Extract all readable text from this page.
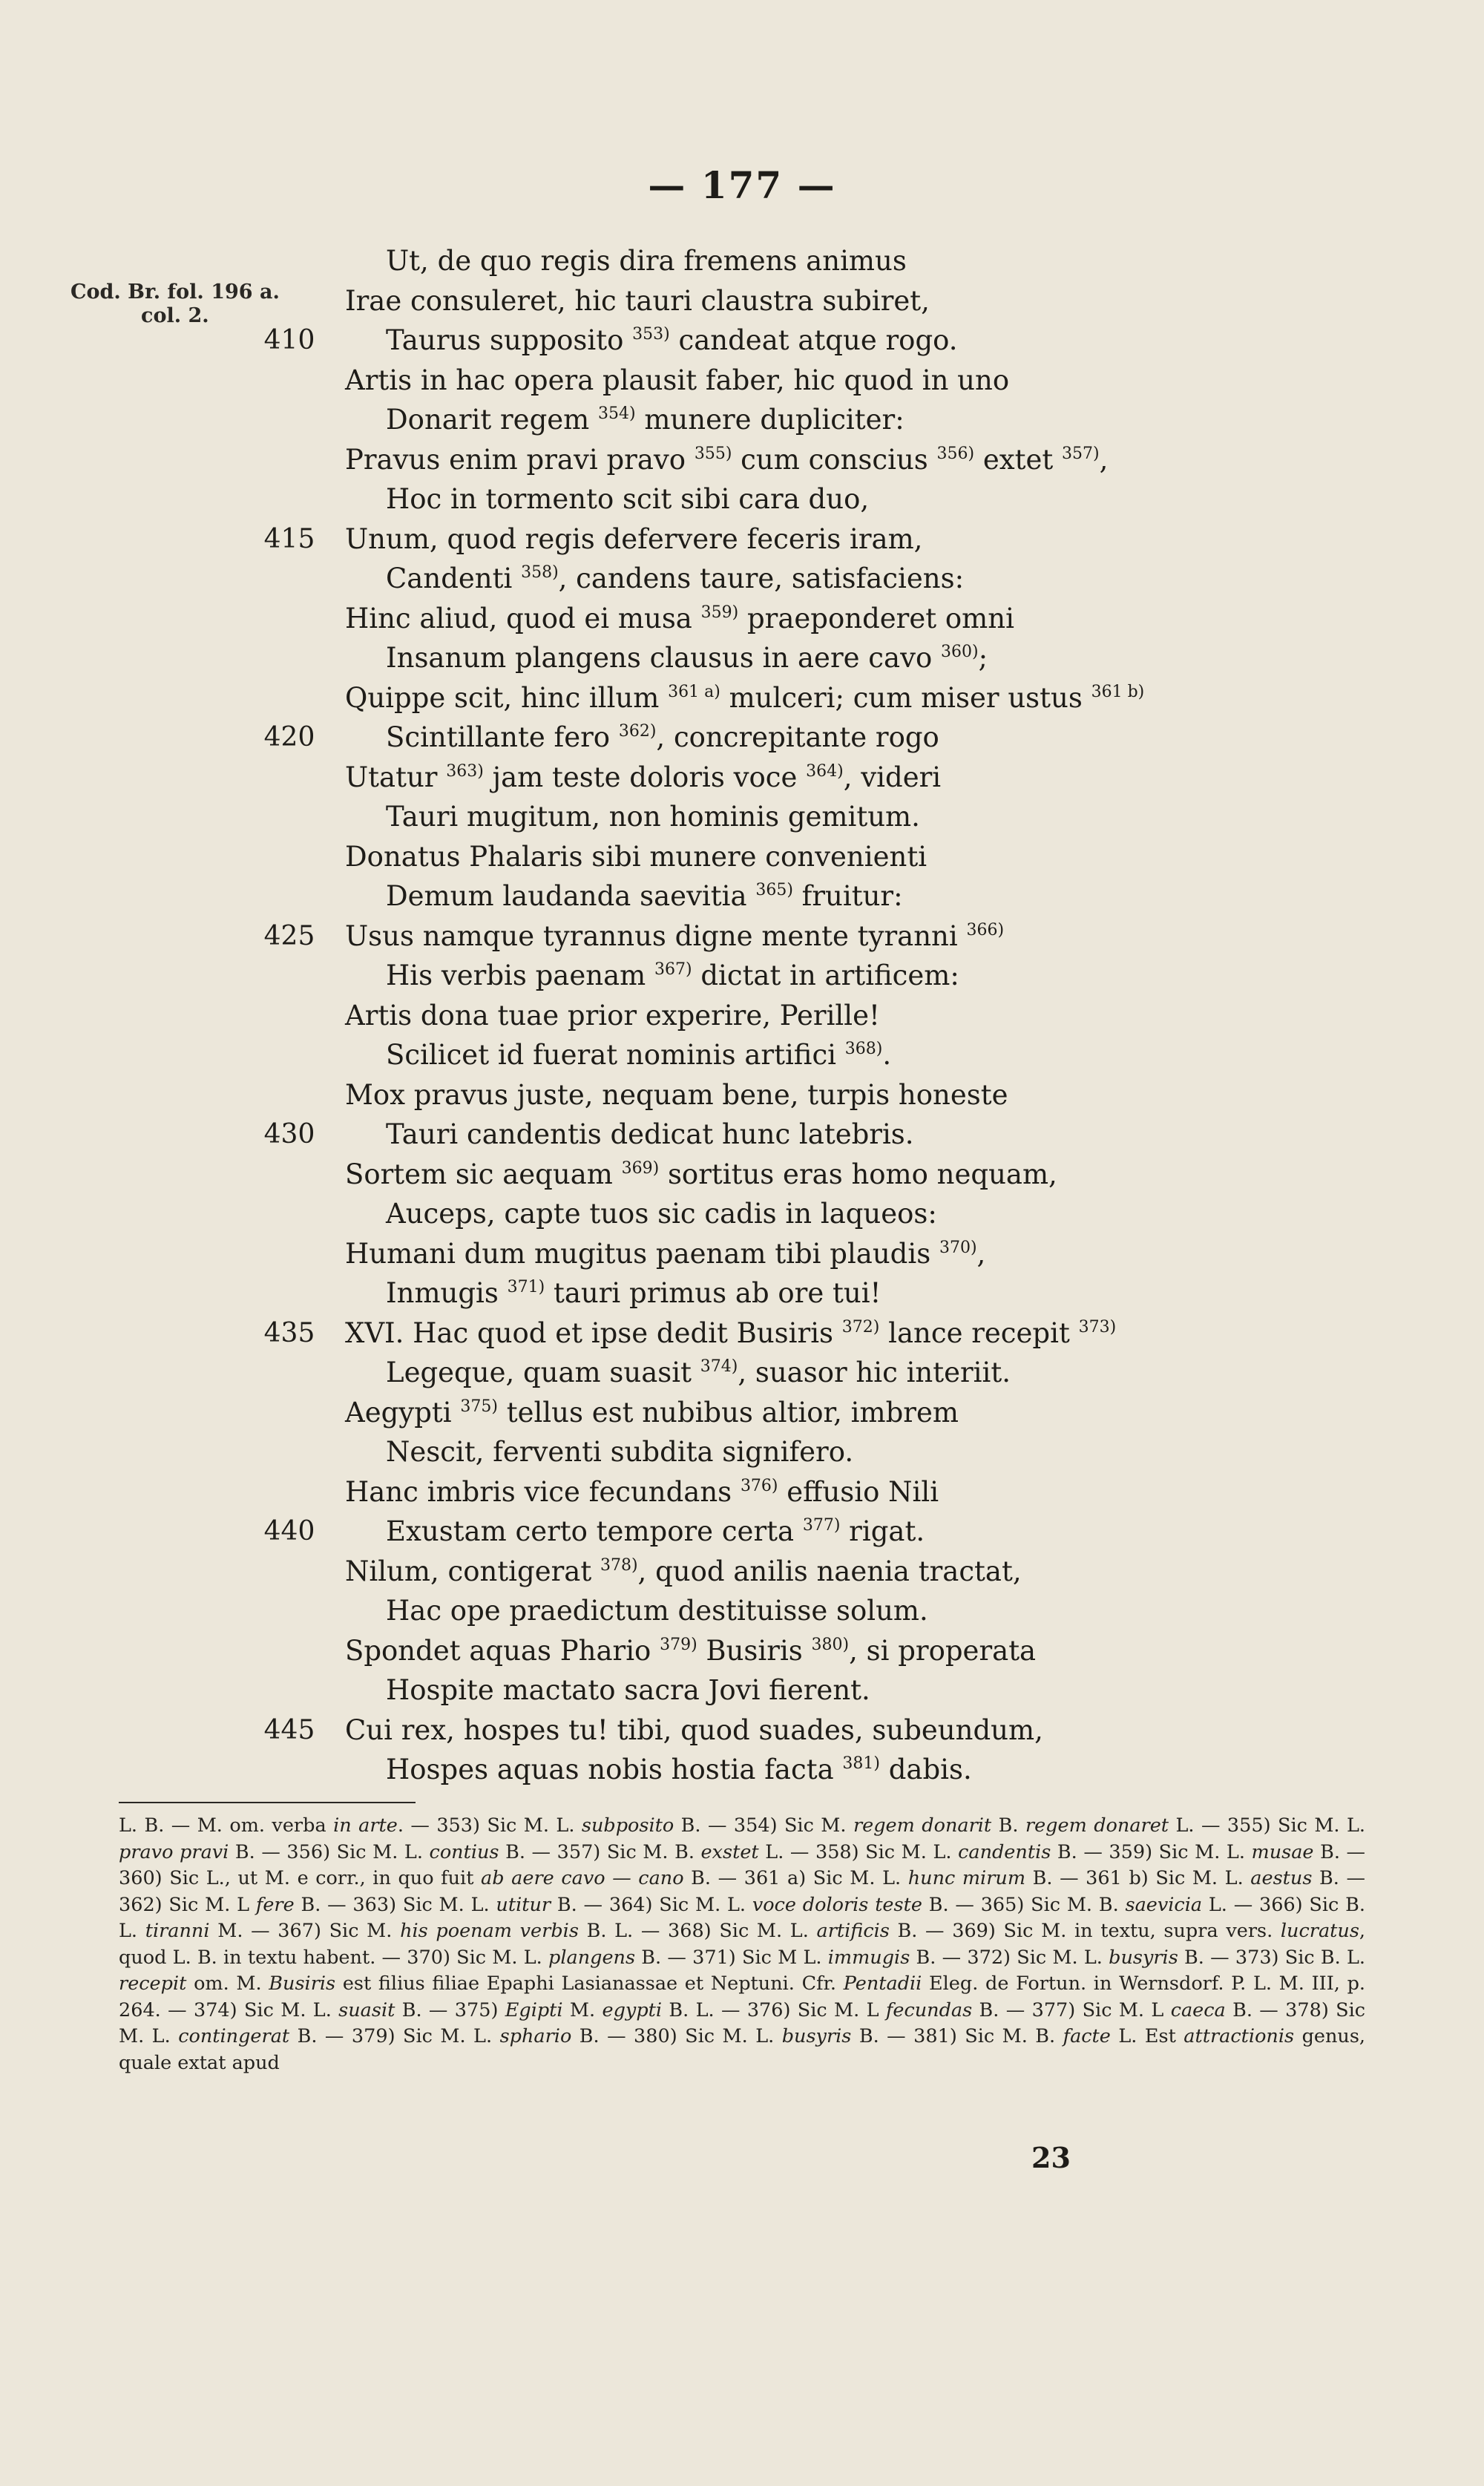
— 177 —
Cod. Br. fol. 196 a.
col. 2.
Ut, de quo regis dira fremens animus
Irae consuleret, hic tauri claustra subiret,
410	Taurus supposito $^{353)}$ candeat atque rogo.
Artis in hac opera plausit faber, hic quod in uno
Donarit regem $^{354)}$ munere dupliciter:
Pravus enim pravi pravo $^{355)}$ cum conscius $^{356)}$ extet $^{357)}$,
Hoc in tormento scit sibi cara duo,
415	Unum, quod regis defervere feceris iram,
Candenti $^{358)}$, candens taure, satisfaciens:
Hinc aliud, quod ei musa $^{359)}$ praeponderet omni
Insanum plangens clausus in aere cavo $^{360)}$;
Quippe scit, hinc illum $^{361 a)}$ mulceri; cum miser ustus $^{361 b)}$
420	Scintillante fero $^{362)}$, concrepitante rogo
Utatur $^{363)}$ jam teste doloris voce $^{364)}$, videri
Tauri mugitum, non hominis gemitum.
Donatus Phalaris sibi munere convenienti
Demum laudanda saevitia $^{365)}$ fruitur:
425	Usus namque tyrannus digne mente tyranni $^{366)}$
His verbis paenam $^{367)}$ dictat in artificem:
Artis dona tuae prior experire, Perille!
Scilicet id fuerat nominis artifici $^{368)}$.
Mox pravus juste, nequam bene, turpis honeste
430	Tauri candentis dedicat hunc latebris.
Sortem sic aequam $^{369)}$ sortitus eras homo nequam,
Auceps, capte tuos sic cadis in laqueos:
Humani dum mugitus paenam tibi plaudis $^{370)}$,
Inmugis $^{371)}$ tauri primus ab ore tui!
435	XVI. Hac quod et ipse dedit Busiris $^{372)}$ lance recepit $^{373)}$
Legeque, quam suasit $^{374)}$, suasor hic interiit.
Aegypti $^{375)}$ tellus est nubibus altior, imbrem
Nescit, ferventi subdita signifero.
Hanc imbris vice fecundans $^{376)}$ effusio Nili
440	Exustam certo tempore certa $^{377)}$ rigat.
Nilum, contigerat $^{378)}$, quod anilis naenia tractat,
Hac ope praedictum destituisse solum.
Spondet aquas Phario $^{379)}$ Busiris $^{380)}$, si properata
Hospite mactato sacra Jovi fierent.
445	Cui rex, hospes tu! tibi, quod suades, subeundum,
Hospes aquas nobis hostia facta $^{381)}$ dabis.

L. B. — M. om. verba in arte. — 353) Sic M. L. subposito B. — 354) Sic M. regem donarit B. regem donaret L. — 355) Sic M. L. pravo pravi B. — 356) Sic M. L. contius B. — 357) Sic M. B. exstet L. — 358) Sic M. L. candentis B. — 359) Sic M. L. musae B. — 360) Sic L., ut M. e corr., in quo fuit ab aere cavo — cano B. — 361 a) Sic M. L. hunc mirum B. — 361 b) Sic M. L. aestus B. — 362) Sic M. L fere B. — 363) Sic M. L. utitur B. — 364) Sic M. L. voce doloris teste B. — 365) Sic M. B. saevicia L. — 366) Sic B. L. tiranni M. — 367) Sic M. his poenam verbis B. L. — 368) Sic M. L. artificis B. — 369) Sic M. in textu, supra vers. lucratus, quod L. B. in textu habent. — 370) Sic M. L. plangens B. — 371) Sic M L. immugis B. — 372) Sic M. L. busyris B. — 373) Sic B. L. recepit om. M. Busiris est filius filiae Epaphi Lasianassae et Neptuni. Cfr. Pentadii Eleg. de Fortun. in Wernsdorf. P. L. M. III, p. 264. — 374) Sic M. L. suasit B. — 375) Egipti M. egypti B. L. — 376) Sic M. L fecundas B. — 377) Sic M. L caeca B. — 378) Sic M. L. contingerat B. — 379) Sic M. L. sphario B. — 380) Sic M. L. busyris B. — 381) Sic M. B. facte L. Est attractionis genus, quale extat apud

23
